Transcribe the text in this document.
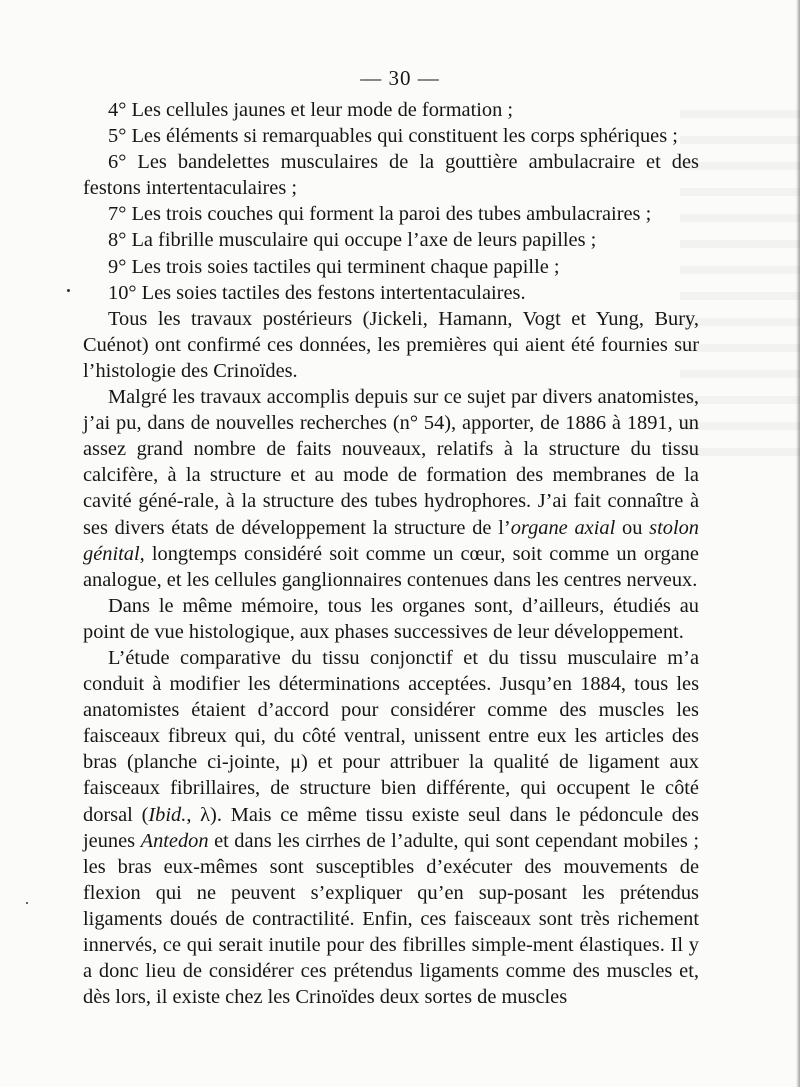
— 30 —

4° Les cellules jaunes et leur mode de formation ;

5° Les éléments si remarquables qui constituent les corps sphériques ;

6° Les bandelettes musculaires de la gouttière ambulacraire et des festons intertentaculaires ;

7° Les trois couches qui forment la paroi des tubes ambulacraires ;

8° La fibrille musculaire qui occupe l’axe de leurs papilles ;

9° Les trois soies tactiles qui terminent chaque papille ;

10° Les soies tactiles des festons intertentaculaires.

Tous les travaux postérieurs (Jickeli, Hamann, Vogt et Yung, Bury, Cuénot) ont confirmé ces données, les premières qui aient été fournies sur l’histologie des Crinoïdes.

Malgré les travaux accomplis depuis sur ce sujet par divers anatomistes, j’ai pu, dans de nouvelles recherches (n° 54), apporter, de 1886 à 1891, un assez grand nombre de faits nouveaux, relatifs à la structure du tissu calcifère, à la structure et au mode de formation des membranes de la cavité géné-rale, à la structure des tubes hydrophores. J’ai fait connaître à ses divers états de développement la structure de l’organe axial ou stolon génital, longtemps considéré soit comme un cœur, soit comme un organe analogue, et les cellules ganglionnaires contenues dans les centres nerveux.

Dans le même mémoire, tous les organes sont, d’ailleurs, étudiés au point de vue histologique, aux phases successives de leur développement.

L’étude comparative du tissu conjonctif et du tissu musculaire m’a conduit à modifier les déterminations acceptées. Jusqu’en 1884, tous les anatomistes étaient d’accord pour considérer comme des muscles les faisceaux fibreux qui, du côté ventral, unissent entre eux les articles des bras (planche ci-jointe, μ) et pour attribuer la qualité de ligament aux faisceaux fibrillaires, de structure bien différente, qui occupent le côté dorsal (Ibid., λ). Mais ce même tissu existe seul dans le pédoncule des jeunes Antedon et dans les cirrhes de l’adulte, qui sont cependant mobiles ; les bras eux-mêmes sont susceptibles d’exécuter des mouvements de flexion qui ne peuvent s’expliquer qu’en sup-posant les prétendus ligaments doués de contractilité. Enfin, ces faisceaux sont très richement innervés, ce qui serait inutile pour des fibrilles simple-ment élastiques. Il y a donc lieu de considérer ces prétendus ligaments comme des muscles et, dès lors, il existe chez les Crinoïdes deux sortes de muscles
